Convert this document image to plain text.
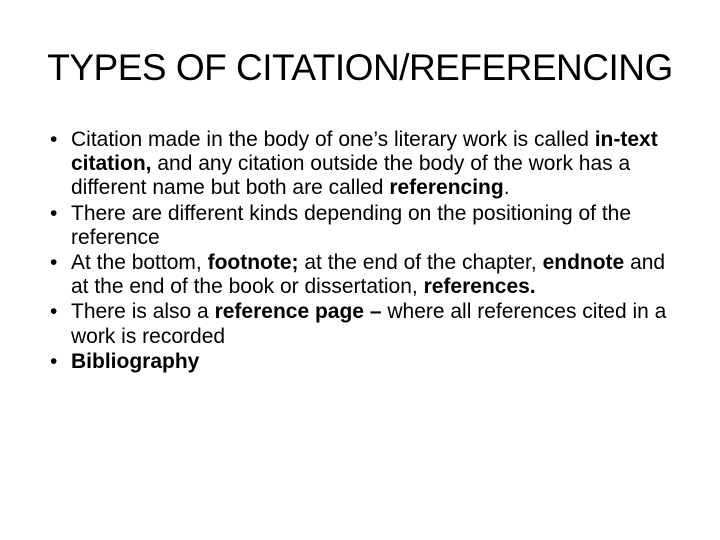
TYPES OF CITATION/REFERENCING
• Citation made in the body of one’s literary work is called in-text citation, and any citation outside the body of the work has a different name but both are called referencing.
• There are different kinds depending on the positioning of the reference
• At the bottom, footnote; at the end of the chapter, endnote and at the end of the book or dissertation, references.
• There is also a reference page – where all references cited in a work is recorded
• Bibliography
